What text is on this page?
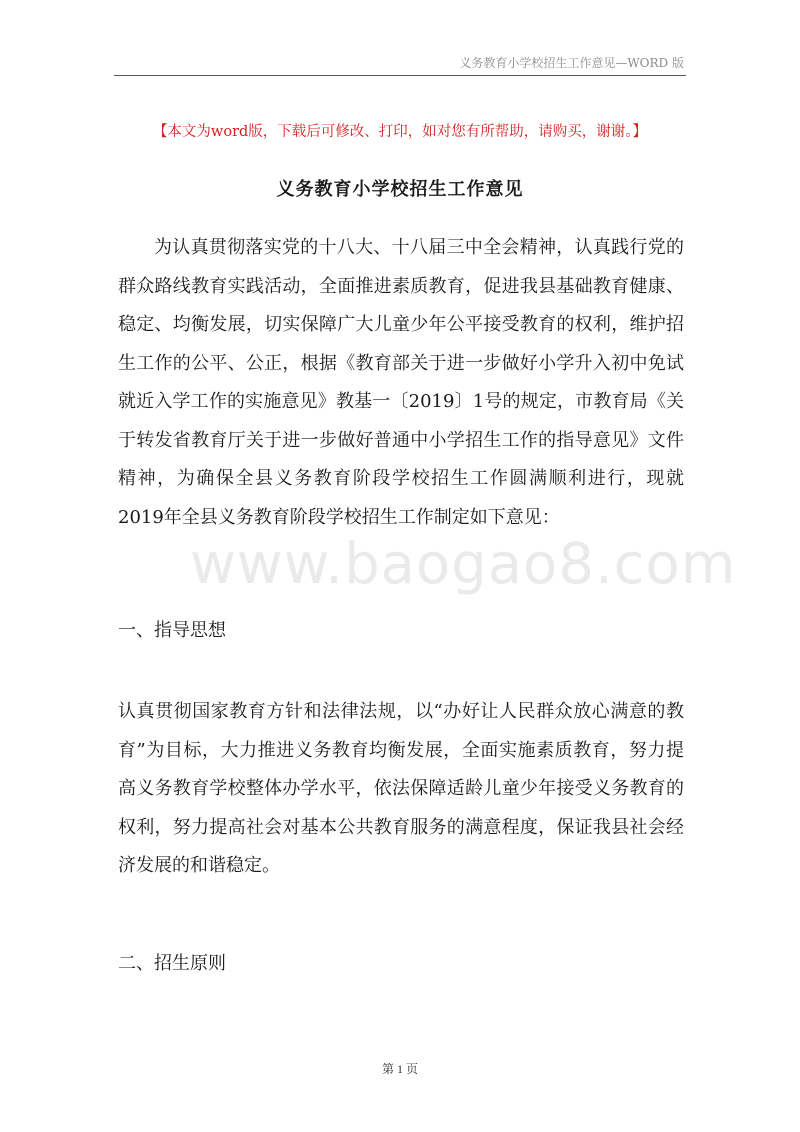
义务教育小学校招生工作意见—WORD 版
【本文为word版，下载后可修改、打印，如对您有所帮助，请购买，谢谢。】
义务教育小学校招生工作意见
为认真贯彻落实党的十八大、十八届三中全会精神，认真践行党的群众路线教育实践活动，全面推进素质教育，促进我县基础教育健康、稳定、均衡发展，切实保障广大儿童少年公平接受教育的权利，维护招生工作的公平、公正，根据《教育部关于进一步做好小学升入初中免试就近入学工作的实施意见》教基一〔2019〕1号的规定，市教育局《关于转发省教育厅关于进一步做好普通中小学招生工作的指导意见》文件精神，为确保全县义务教育阶段学校招生工作圆满顺利进行，现就2019年全县义务教育阶段学校招生工作制定如下意见：
www.baogao8.com
一、指导思想
认真贯彻国家教育方针和法律法规，以“办好让人民群众放心满意的教育”为目标，大力推进义务教育均衡发展，全面实施素质教育，努力提高义务教育学校整体办学水平，依法保障适龄儿童少年接受义务教育的权利，努力提高社会对基本公共教育服务的满意程度，保证我县社会经济发展的和谐稳定。
二、招生原则
第 1 页
